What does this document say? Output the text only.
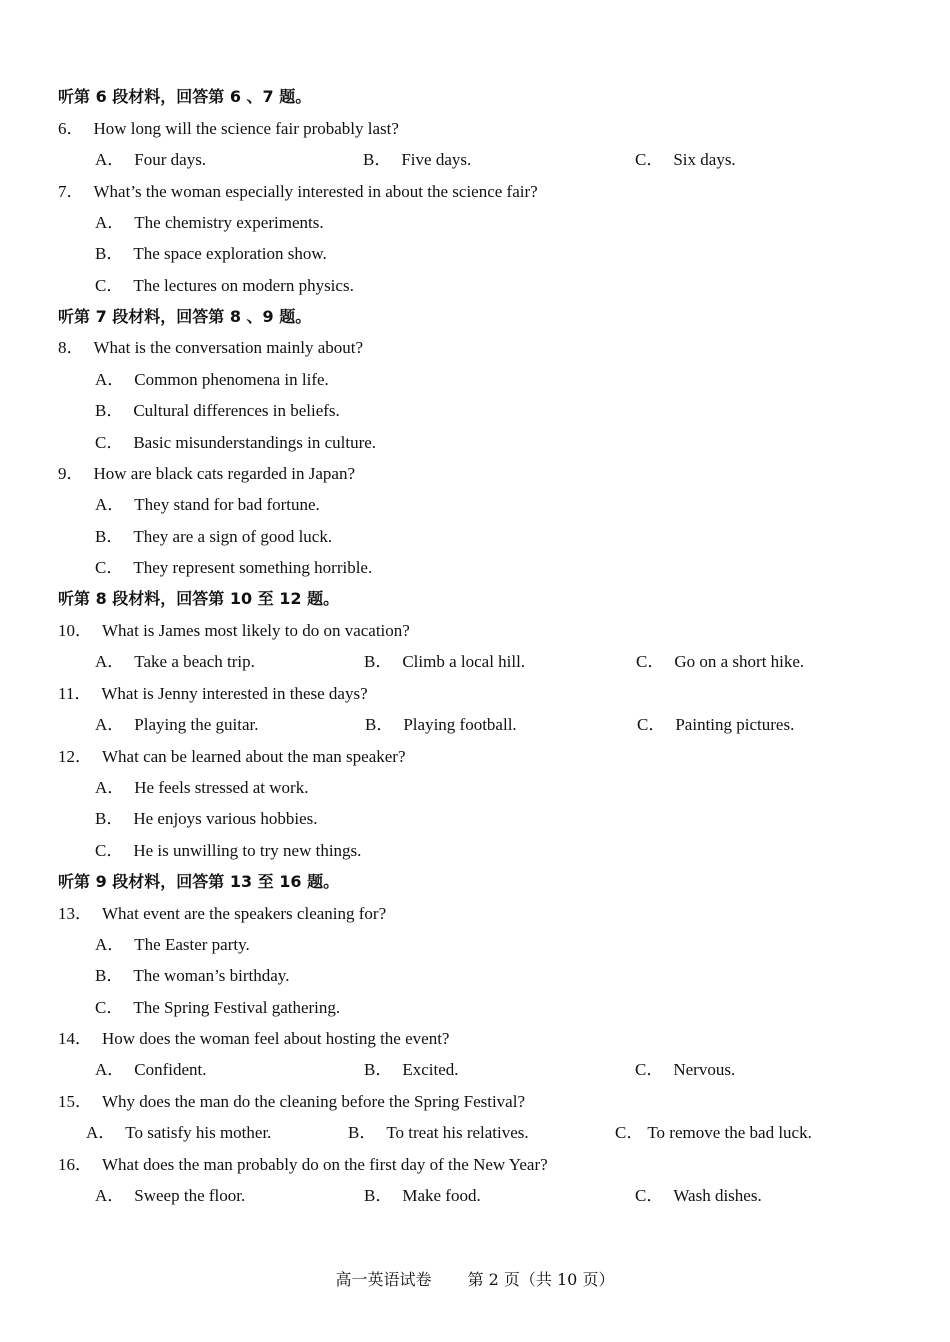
听第 6 段材料，回答第 6 、7 题。
6． How long will the science fair probably last?
A． Four days.	B． Five days.	C． Six days.
7． What’s the woman especially interested in about the science fair?
A． The chemistry experiments.
B． The space exploration show.
C． The lectures on modern physics.
听第 7 段材料，回答第 8 、9 题。
8． What is the conversation mainly about?
A． Common phenomena in life.
B． Cultural differences in beliefs.
C． Basic misunderstandings in culture.
9． How are black cats regarded in Japan?
A． They stand for bad fortune.
B． They are a sign of good luck.
C． They represent something horrible.
听第 8 段材料，回答第 10 至 12 题。
10． What is James most likely to do on vacation?
A． Take a beach trip.	B． Climb a local hill.	C． Go on a short hike.
11． What is Jenny interested in these days?
A． Playing the guitar.	B． Playing football.	C． Painting pictures.
12． What can be learned about the man speaker?
A． He feels stressed at work.
B． He enjoys various hobbies.
C． He is unwilling to try new things.
听第 9 段材料，回答第 13 至 16 题。
13． What event are the speakers cleaning for?
A． The Easter party.
B． The woman’s birthday.
C． The Spring Festival gathering.
14． How does the woman feel about hosting the event?
A． Confident.	B． Excited.	C． Nervous.
15． Why does the man do the cleaning before the Spring Festival?
A． To satisfy his mother.	B． To treat his relatives.	C． To remove the bad luck.
16． What does the man probably do on the first day of the New Year?
A． Sweep the floor.	B． Make food.	C． Wash dishes.
高一英语试卷 第 2 页（共 10 页）
